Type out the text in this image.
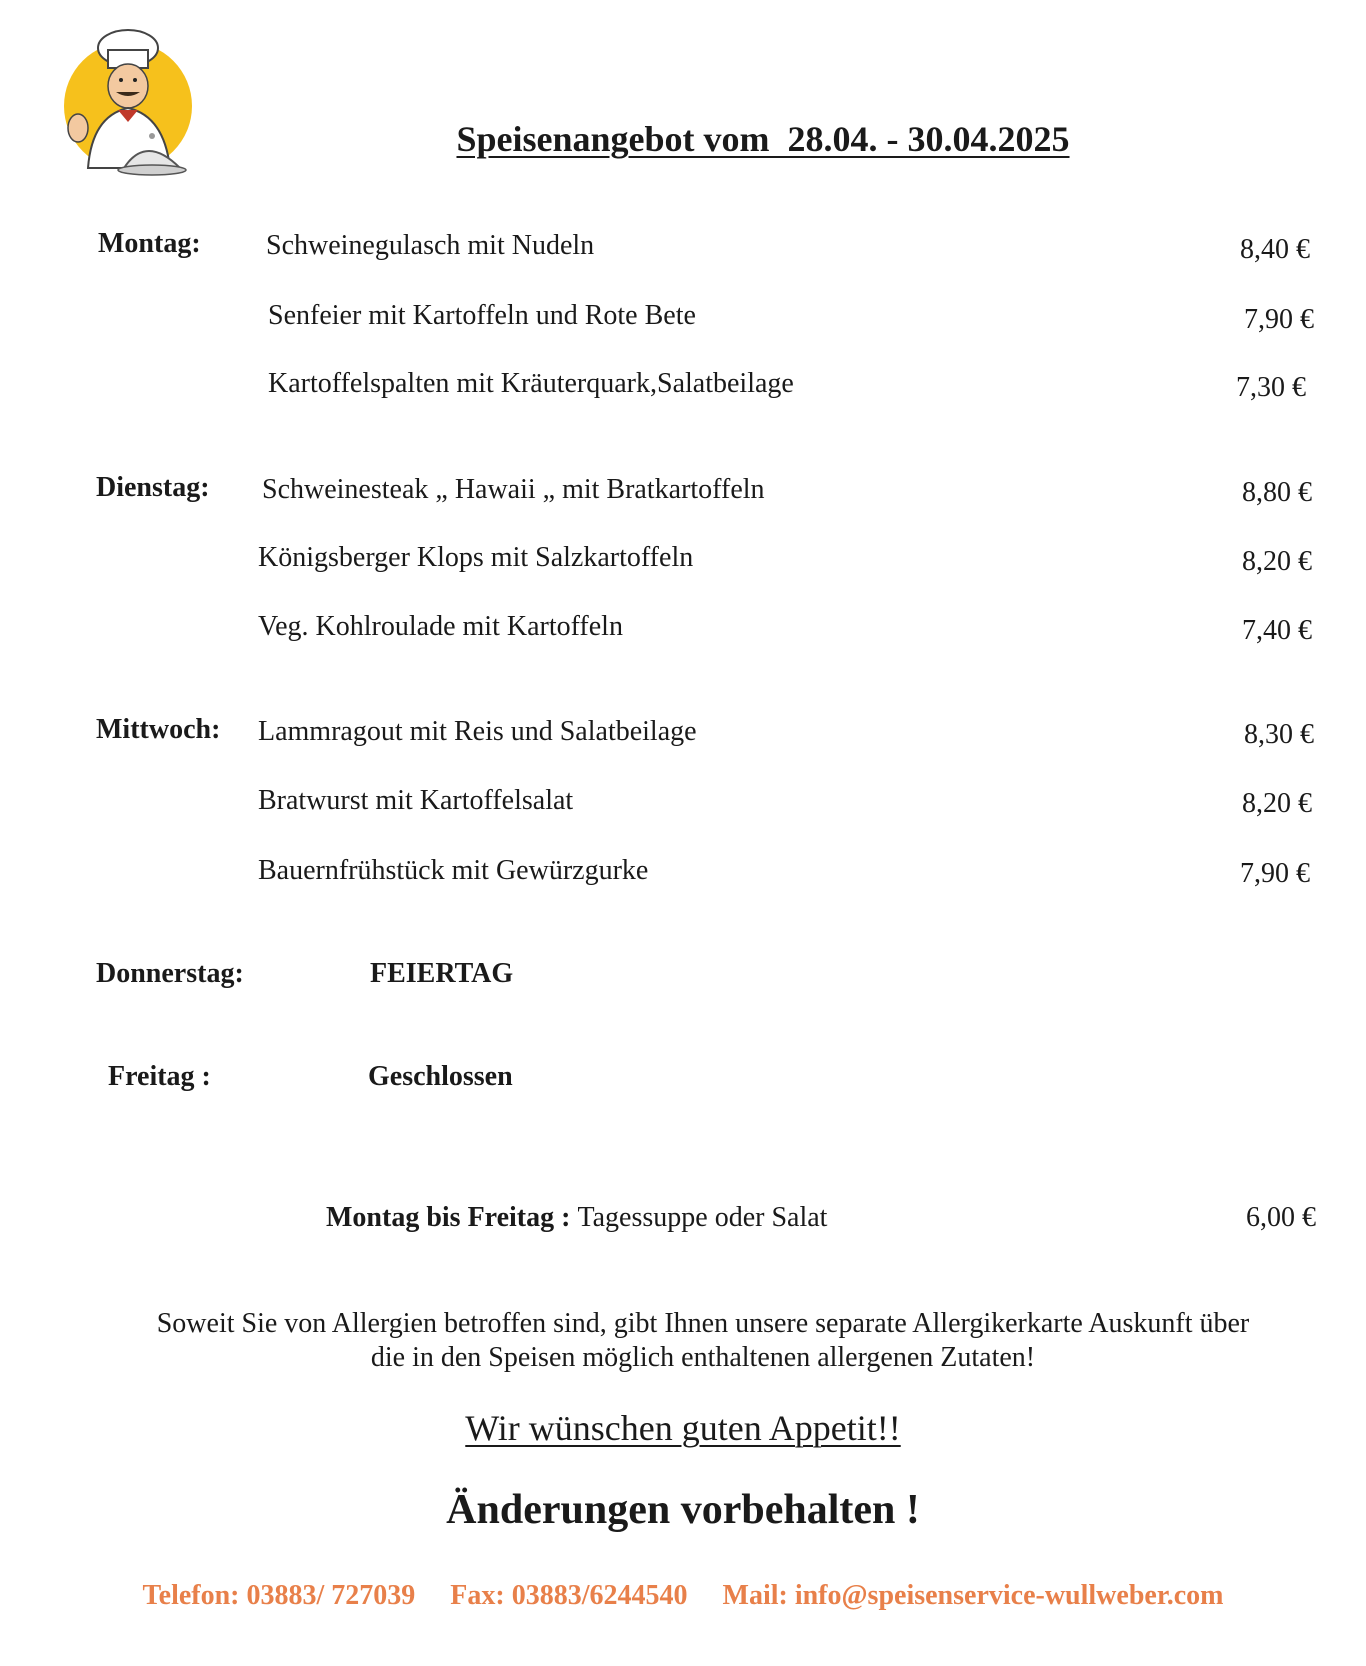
Speisenangebot vom  28.04. - 30.04.2025
Montag: Schweinegulasch mit Nudeln	8,40 €
Senfeier mit Kartoffeln und Rote Bete	7,90 €
Kartoffelspalten mit Kräuterquark,Salatbeilage	7,30 €
Dienstag: Schweinesteak „ Hawaii „ mit Bratkartoffeln	8,80 €
Königsberger Klops mit Salzkartoffeln	8,20 €
Veg. Kohlroulade mit Kartoffeln	7,40 €
Mittwoch: Lammragout mit Reis und Salatbeilage	8,30 €
Bratwurst mit Kartoffelsalat	8,20 €
Bauernfrühstück mit Gewürzgurke	7,90 €
Donnerstag:	FEIERTAG
Freitag :	Geschlossen
Montag bis Freitag : Tagessuppe oder Salat	6,00 €
Soweit Sie von Allergien betroffen sind, gibt Ihnen unsere separate Allergikerkarte Auskunft über
die in den Speisen möglich enthaltenen allergenen Zutaten!
Wir wünschen guten Appetit!!
Änderungen vorbehalten !
Telefon: 03883/ 727039 Fax: 03883/6244540 Mail: info@speisenservice-wullweber.com
